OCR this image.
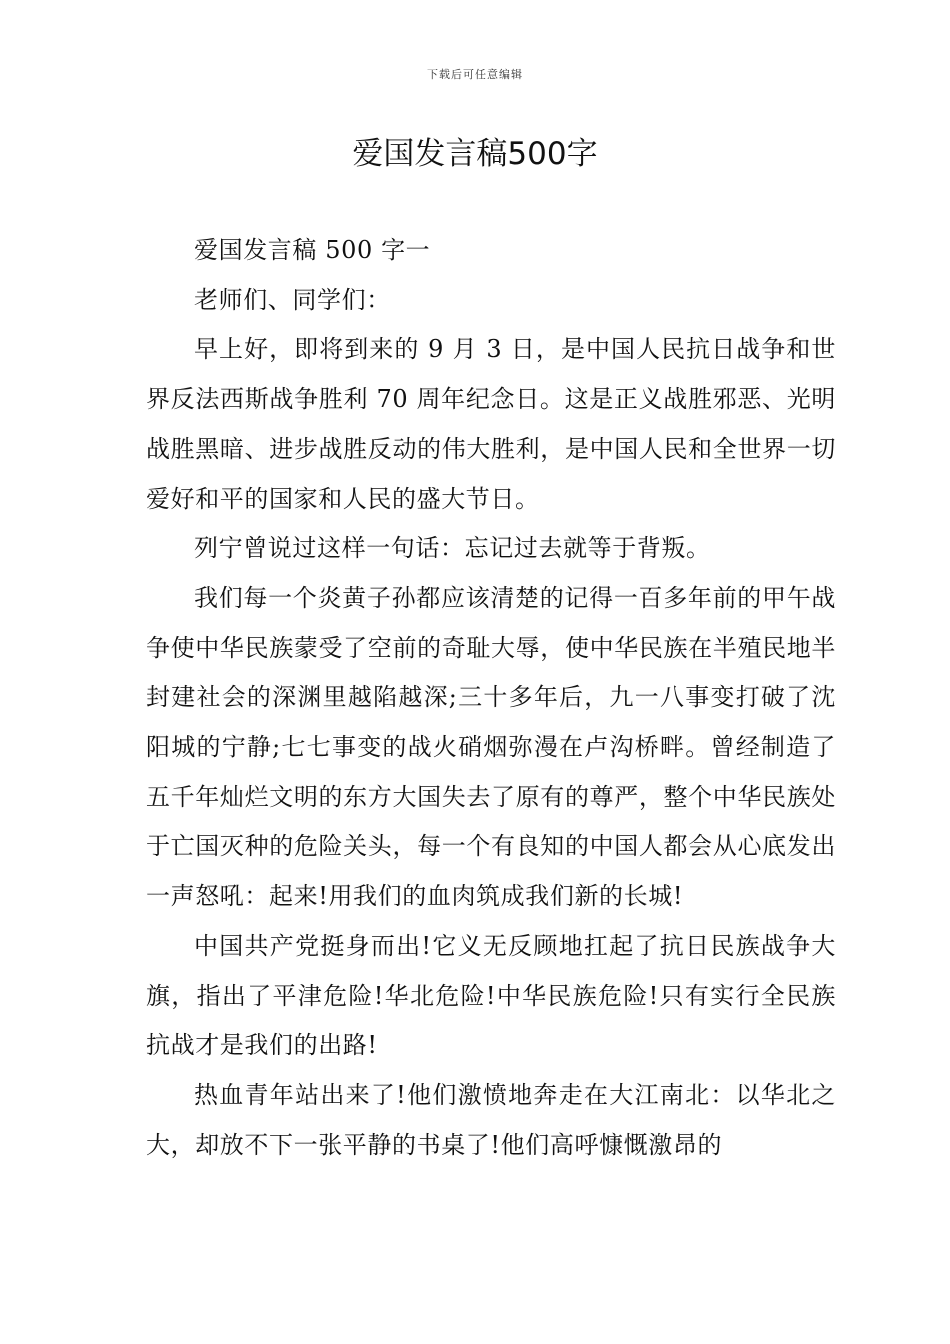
下载后可任意编辑
爱国发言稿500字

爱国发言稿 500 字一

老师们、同学们：

早上好，即将到来的 9 月 3 日，是中国人民抗日战争和世界反法西斯战争胜利 70 周年纪念日。这是正义战胜邪恶、光明战胜黑暗、进步战胜反动的伟大胜利，是中国人民和全世界一切爱好和平的国家和人民的盛大节日。

列宁曾说过这样一句话：忘记过去就等于背叛。

我们每一个炎黄子孙都应该清楚的记得一百多年前的甲午战争使中华民族蒙受了空前的奇耻大辱，使中华民族在半殖民地半封建社会的深渊里越陷越深;三十多年后，九一八事变打破了沈阳城的宁静;七七事变的战火硝烟弥漫在卢沟桥畔。曾经制造了五千年灿烂文明的东方大国失去了原有的尊严，整个中华民族处于亡国灭种的危险关头，每一个有良知的中国人都会从心底发出一声怒吼：起来!用我们的血肉筑成我们新的长城!

中国共产党挺身而出!它义无反顾地扛起了抗日民族战争大旗，指出了平津危险!华北危险!中华民族危险!只有实行全民族抗战才是我们的出路!

热血青年站出来了!他们激愤地奔走在大江南北：以华北之大，却放不下一张平静的书桌了!他们高呼慷慨激昂的
